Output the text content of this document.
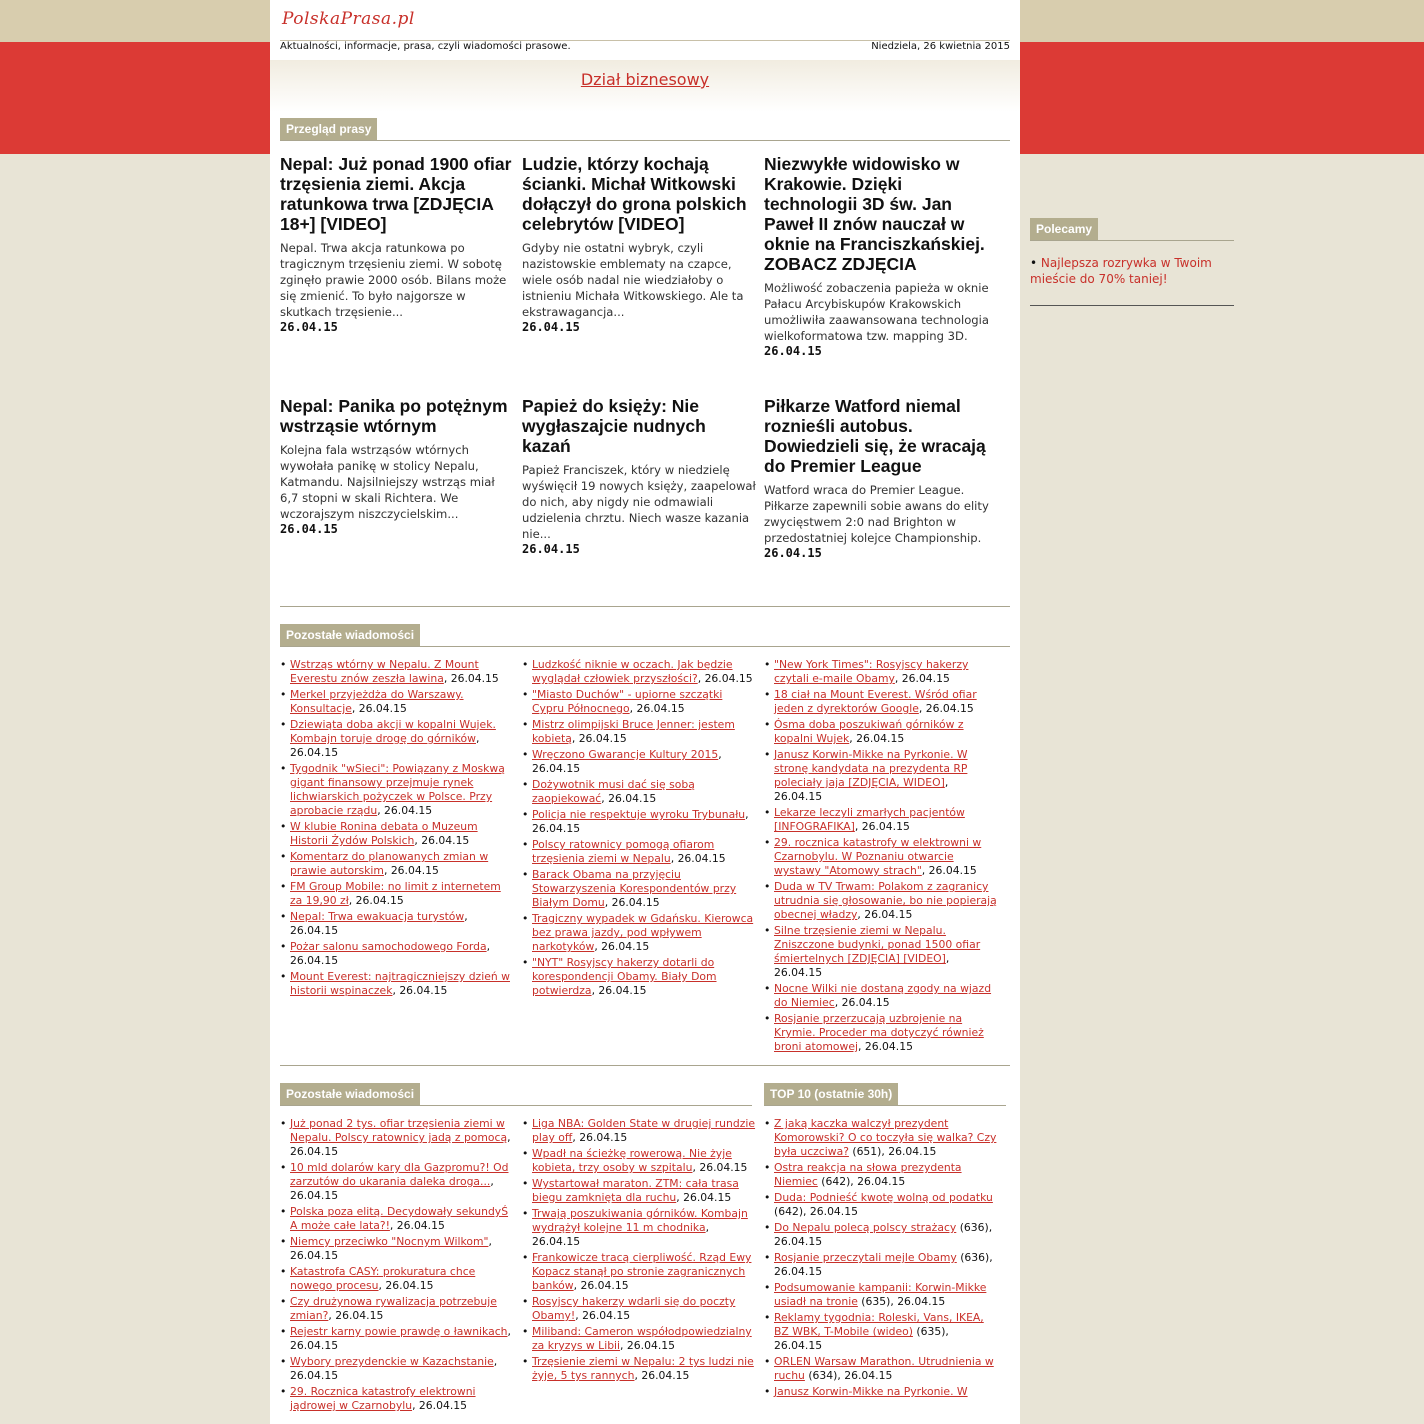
PolskaPrasa.pl
Aktualności, informacje, prasa, czyli wiadomości prasowe.	Niedziela, 26 kwietnia 2015
Dział biznesowy
Przegląd prasy
Nepal: Już ponad 1900 ofiar trzęsienia ziemi. Akcja ratunkowa trwa [ZDJĘCIA 18+] [VIDEO]

Nepal. Trwa akcja ratunkowa po tragicznym trzęsieniu ziemi. W sobotę zginęło prawie 2000 osób. Bilans może się zmienić. To było najgorsze w skutkach trzęsienie...

26.04.15
Ludzie, którzy kochają ścianki. Michał Witkowski dołączył do grona polskich celebrytów [VIDEO]

Gdyby nie ostatni wybryk, czyli nazistowskie emblematy na czapce, wiele osób nadal nie wiedziałoby o istnieniu Michała Witkowskiego. Ale ta ekstrawagancja...

26.04.15
Niezwykłe widowisko w Krakowie. Dzięki technologii 3D św. Jan Paweł II znów nauczał w oknie na Franciszkańskiej. ZOBACZ ZDJĘCIA

Możliwość zobaczenia papieża w oknie Pałacu Arcybiskupów Krakowskich umożliwiła zaawansowana technologia wielkoformatowa tzw. mapping 3D.

26.04.15
Nepal: Panika po potężnym wstrząsie wtórnym

Kolejna fala wstrząsów wtórnych wywołała panikę w stolicy Nepalu, Katmandu. Najsilniejszy wstrząs miał 6,7 stopni w skali Richtera. We wczorajszym niszczycielskim...

26.04.15
Papież do księży: Nie wygłaszajcie nudnych kazań

Papież Franciszek, który w niedzielę wyświęcił 19 nowych księży, zaapelował do nich, aby nigdy nie odmawiali udzielenia chrztu. Niech wasze kazania nie...

26.04.15
Piłkarze Watford niemal roznieśli autobus. Dowiedzieli się, że wracają do Premier League

Watford wraca do Premier League. Piłkarze zapewnili sobie awans do elity zwycięstwem 2:0 nad Brighton w przedostatniej kolejce Championship.

26.04.15
Pozostałe wiadomości
• Wstrząs wtórny w Nepalu. Z Mount Everestu znów zeszła lawina, 26.04.15
• Merkel przyjeżdża do Warszawy. Konsultacje, 26.04.15
• Dziewiąta doba akcji w kopalni Wujek. Kombajn toruje drogę do górników, 26.04.15
• Tygodnik "wSieci": Powiązany z Moskwą gigant finansowy przejmuje rynek lichwiarskich pożyczek w Polsce. Przy aprobacie rządu, 26.04.15
• W klubie Ronina debata o Muzeum Historii Żydów Polskich, 26.04.15
• Komentarz do planowanych zmian w prawie autorskim, 26.04.15
• FM Group Mobile: no limit z internetem za 19,90 zł, 26.04.15
• Nepal: Trwa ewakuacja turystów, 26.04.15
• Pożar salonu samochodowego Forda, 26.04.15
• Mount Everest: najtragiczniejszy dzień w historii wspinaczek, 26.04.15
• Ludzkość niknie w oczach. Jak będzie wyglądał człowiek przyszłości?, 26.04.15
• "Miasto Duchów" - upiorne szczątki Cypru Północnego, 26.04.15
• Mistrz olimpijski Bruce Jenner: jestem kobietą, 26.04.15
• Wręczono Gwarancje Kultury 2015, 26.04.15
• Dożywotnik musi dać się sobą zaopiekować, 26.04.15
• Policja nie respektuje wyroku Trybunału, 26.04.15
• Polscy ratownicy pomogą ofiarom trzęsienia ziemi w Nepalu, 26.04.15
• Barack Obama na przyjęciu Stowarzyszenia Korespondentów przy Białym Domu, 26.04.15
• Tragiczny wypadek w Gdańsku. Kierowca bez prawa jazdy, pod wpływem narkotyków, 26.04.15
• "NYT" Rosyjscy hakerzy dotarli do korespondencji Obamy. Biały Dom potwierdza, 26.04.15
• "New York Times": Rosyjscy hakerzy czytali e-maile Obamy, 26.04.15
• 18 ciał na Mount Everest. Wśród ofiar jeden z dyrektorów Google, 26.04.15
• Ósma doba poszukiwań górników z kopalni Wujek, 26.04.15
• Janusz Korwin-Mikke na Pyrkonie. W stronę kandydata na prezydenta RP poleciały jaja [ZDJĘCIA, WIDEO], 26.04.15
• Lekarze leczyli zmarłych pacjentów [INFOGRAFIKA], 26.04.15
• 29. rocznica katastrofy w elektrowni w Czarnobylu. W Poznaniu otwarcie wystawy "Atomowy strach", 26.04.15
• Duda w TV Trwam: Polakom z zagranicy utrudnia się głosowanie, bo nie popierają obecnej władzy, 26.04.15
• Silne trzęsienie ziemi w Nepalu. Zniszczone budynki, ponad 1500 ofiar śmiertelnych [ZDJĘCIA] [VIDEO], 26.04.15
• Nocne Wilki nie dostaną zgody na wjazd do Niemiec, 26.04.15
• Rosjanie przerzucają uzbrojenie na Krymie. Proceder ma dotyczyć również broni atomowej, 26.04.15
Pozostałe wiadomości	TOP 10 (ostatnie 30h)
• Już ponad 2 tys. ofiar trzęsienia ziemi w Nepalu. Polscy ratownicy jadą z pomocą, 26.04.15
• 10 mld dolarów kary dla Gazpromu?! Od zarzutów do ukarania daleka droga..., 26.04.15
• Polska poza elitą. Decydowały sekundyŚ A może całe lata?!, 26.04.15
• Niemcy przeciwko "Nocnym Wilkom", 26.04.15
• Katastrofa CASY: prokuratura chce nowego procesu, 26.04.15
• Czy drużynowa rywalizacja potrzebuje zmian?, 26.04.15
• Rejestr karny powie prawdę o ławnikach, 26.04.15
• Wybory prezydenckie w Kazachstanie, 26.04.15
• 29. Rocznica katastrofy elektrowni jądrowej w Czarnobylu, 26.04.15
• Liga NBA: Golden State w drugiej rundzie play off, 26.04.15
• Wpadł na ścieżkę rowerową. Nie żyje kobieta, trzy osoby w szpitalu, 26.04.15
• Wystartował maraton. ZTM: cała trasa biegu zamknięta dla ruchu, 26.04.15
• Trwają poszukiwania górników. Kombajn wydrążył kolejne 11 m chodnika, 26.04.15
• Frankowicze tracą cierpliwość. Rząd Ewy Kopacz stanął po stronie zagranicznych banków, 26.04.15
• Rosyjscy hakerzy wdarli się do poczty Obamy!, 26.04.15
• Miliband: Cameron współodpowiedzialny za kryzys w Libii, 26.04.15
• Trzęsienie ziemi w Nepalu: 2 tys ludzi nie żyje, 5 tys rannych, 26.04.15
• Z jaką kaczka walczył prezydent Komorowski? O co toczyła się walka? Czy była uczciwa? (651), 26.04.15
• Ostra reakcja na słowa prezydenta Niemiec (642), 26.04.15
• Duda: Podnieść kwotę wolną od podatku (642), 26.04.15
• Do Nepalu polecą polscy strażacy (636), 26.04.15
• Rosjanie przeczytali mejle Obamy (636), 26.04.15
• Podsumowanie kampanii: Korwin-Mikke usiadł na tronie (635), 26.04.15
• Reklamy tygodnia: Roleski, Vans, IKEA, BZ WBK, T-Mobile (wideo) (635), 26.04.15
• ORLEN Warsaw Marathon. Utrudnienia w ruchu (634), 26.04.15
• Janusz Korwin-Mikke na Pyrkonie. W
Polecamy
• Najlepsza rozrywka w Twoim mieście do 70% taniej!
